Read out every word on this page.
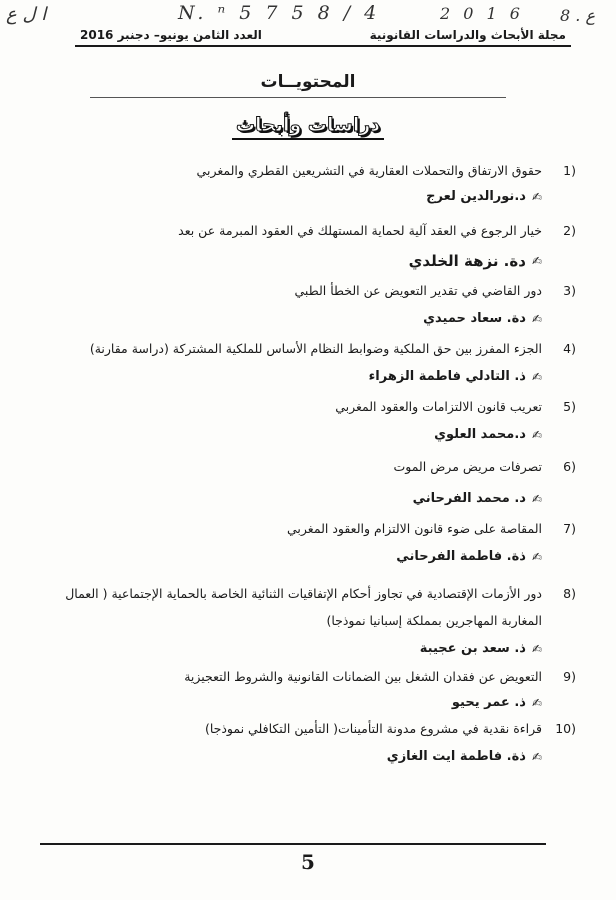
ا ل ع	N. ⁿ 5 7 5 8 / 4	2 0 1 6 8 . ع
مجلة الأبحاث والدراسات القانونية
العدد الثامن يونيو– دجنبر 2016
المحتويــات
دراسات وأبحاث
1)
حقوق الارتفاق والتحملات العقارية في التشريعين القطري والمغربي
✍
د.نورالدين لعرج
2)
خيار الرجوع في العقد آلية لحماية المستهلك في العقود المبرمة عن بعد
✍
دة. نزهة الخلدي
3)
دور القاضي في تقدير التعويض عن الخطأ الطبي
✍
دة. سعاد حميدي
4)
الجزء المفرز بين حق الملكية وضوابط النظام الأساس للملكية المشتركة (دراسة مقارنة)
✍
ذ. التادلي فاطمة الزهراء
5)
تعريب قانون الالتزامات والعقود المغربي
✍
د.محمد العلوي
6)
تصرفات مريض مرض الموت
✍
د. محمد الفرحاني
7)
المقاصة على ضوء قانون الالتزام والعقود المغربي
✍
ذة. فاطمة الفرحاني
8)
دور الأزمات الإقتصادية في تجاوز أحكام الإتفاقيات الثنائية الخاصة بالحماية الإجتماعية ( العمال المغاربة المهاجرين بمملكة إسبانيا نموذجا)
✍
ذ. سعد بن عجيبة
9)
التعويض عن فقدان الشغل بين الضمانات القانونية والشروط التعجيزية
✍
ذ. عمر يحيو
10)
قراءة نقدية في مشروع مدونة التأمينات( التأمين التكافلي نموذجا)
✍
ذة. فاطمة ايت الغازي
5
